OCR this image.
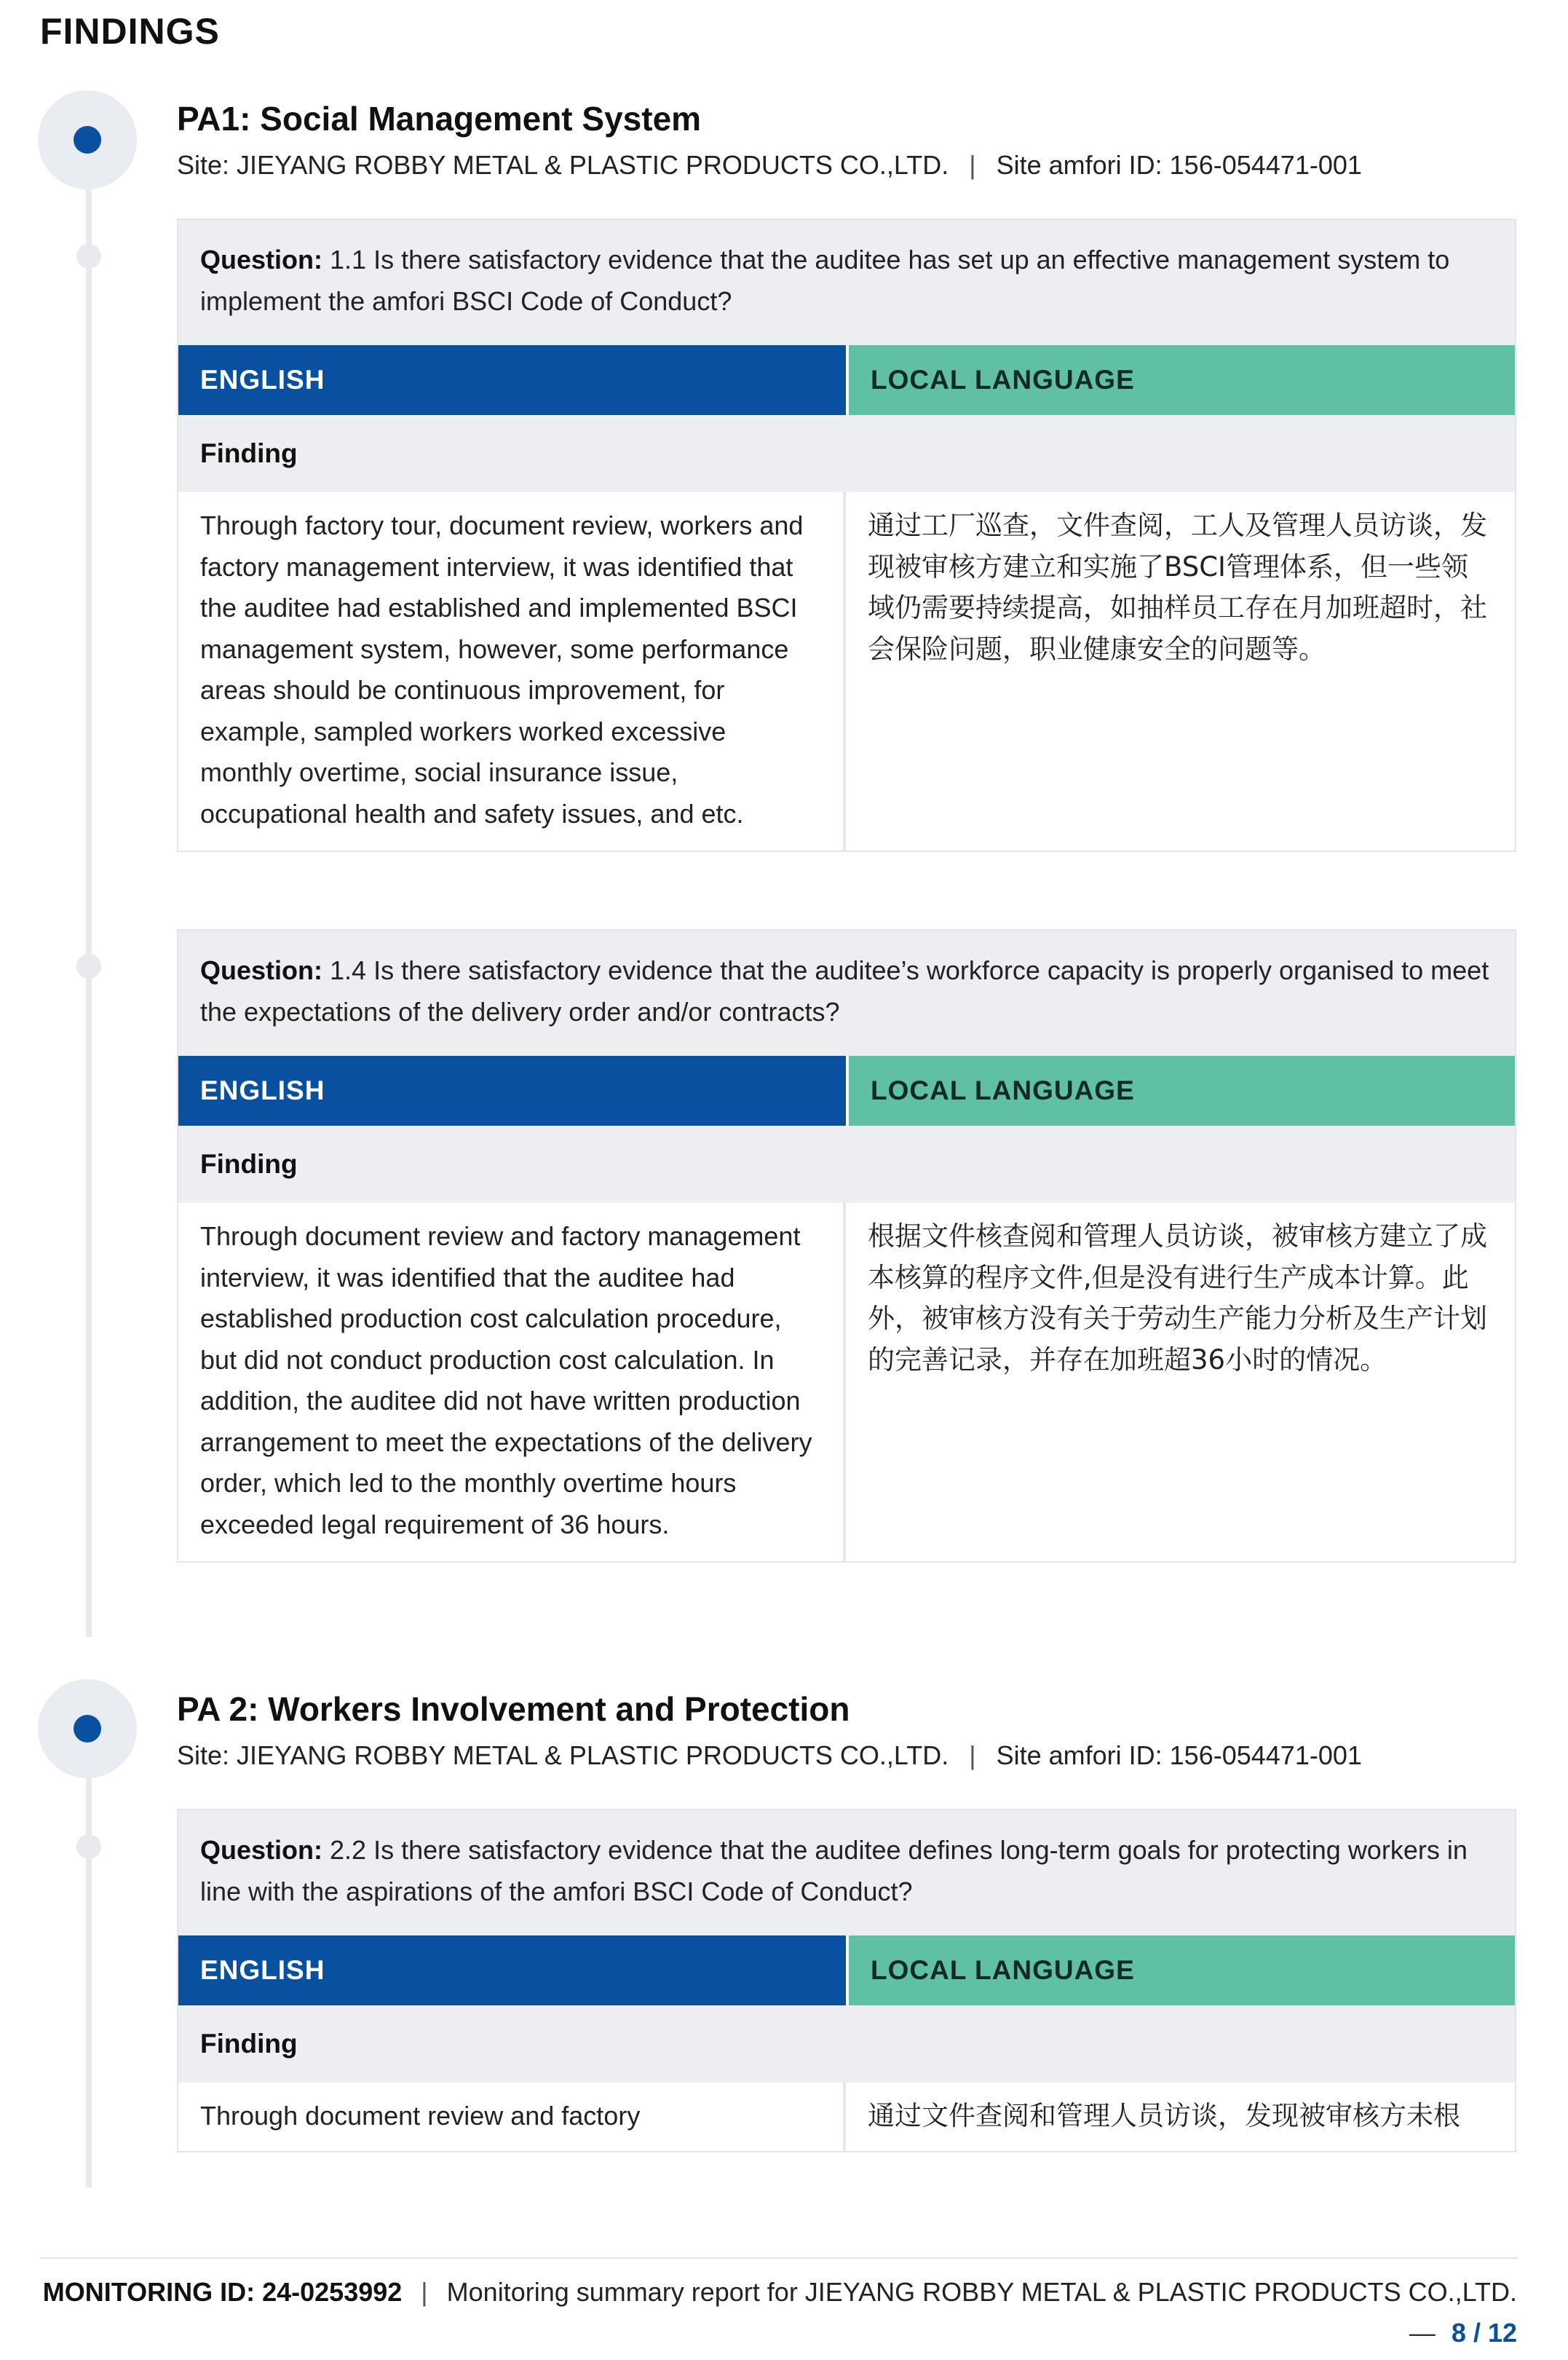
FINDINGS
PA1: Social Management System
Site: JIEYANG ROBBY METAL & PLASTIC PRODUCTS CO.,LTD. | Site amfori ID: 156-054471-001
Question: 1.1 Is there satisfactory evidence that the auditee has set up an effective management system to implement the amfori BSCI Code of Conduct?
ENGLISH	LOCAL LANGUAGE
Finding
Through factory tour, document review, workers and factory management interview, it was identified that the auditee had established and implemented BSCI management system, however, some performance areas should be continuous improvement, for example, sampled workers worked excessive monthly overtime, social insurance issue, occupational health and safety issues, and etc.
通过工厂巡查，文件查阅，工人及管理人员访谈，发现被审核方建立和实施了BSCI管理体系，但一些领域仍需要持续提高，如抽样员工存在月加班超时，社会保险问题，职业健康安全的问题等。
Question: 1.4 Is there satisfactory evidence that the auditee’s workforce capacity is properly organised to meet the expectations of the delivery order and/or contracts?
ENGLISH	LOCAL LANGUAGE
Finding
Through document review and factory management interview, it was identified that the auditee had established production cost calculation procedure, but did not conduct production cost calculation. In addition, the auditee did not have written production arrangement to meet the expectations of the delivery order, which led to the monthly overtime hours exceeded legal requirement of 36 hours.
根据文件核查阅和管理人员访谈，被审核方建立了成本核算的程序文件,但是没有进行生产成本计算。此外，被审核方没有关于劳动生产能力分析及生产计划的完善记录，并存在加班超36小时的情况。
PA 2: Workers Involvement and Protection
Site: JIEYANG ROBBY METAL & PLASTIC PRODUCTS CO.,LTD. | Site amfori ID: 156-054471-001
Question: 2.2 Is there satisfactory evidence that the auditee defines long-term goals for protecting workers in line with the aspirations of the amfori BSCI Code of Conduct?
ENGLISH	LOCAL LANGUAGE
Finding
Through document review and factory	通过文件查阅和管理人员访谈，发现被审核方未根
MONITORING ID: 24-0253992 | Monitoring summary report for JIEYANG ROBBY METAL & PLASTIC PRODUCTS CO.,LTD.— 8 / 12
